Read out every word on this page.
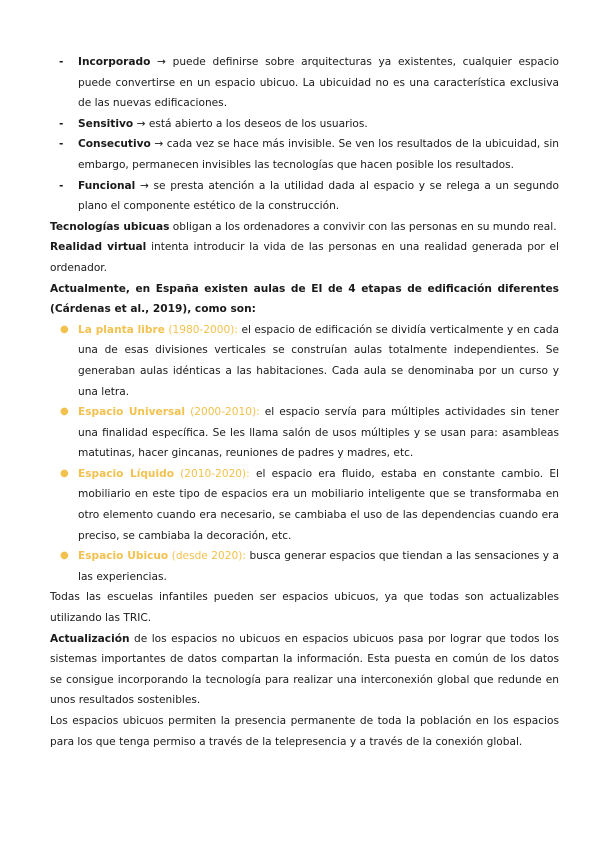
- Incorporado → puede definirse sobre arquitecturas ya existentes, cualquier espacio puede convertirse en un espacio ubicuo. La ubicuidad no es una característica exclusiva de las nuevas edificaciones.
- Sensitivo → está abierto a los deseos de los usuarios.
- Consecutivo → cada vez se hace más invisible. Se ven los resultados de la ubicuidad, sin embargo, permanecen invisibles las tecnologías que hacen posible los resultados.
- Funcional → se presta atención a la utilidad dada al espacio y se relega a un segundo plano el componente estético de la construcción.

Tecnologías ubicuas obligan a los ordenadores a convivir con las personas en su mundo real.

Realidad virtual intenta introducir la vida de las personas en una realidad generada por el ordenador.

Actualmente, en España existen aulas de EI de 4 etapas de edificación diferentes (Cárdenas et al., 2019), como son:

● La planta libre (1980-2000): el espacio de edificación se dividía verticalmente y en cada una de esas divisiones verticales se construían aulas totalmente independientes. Se generaban aulas idénticas a las habitaciones. Cada aula se denominaba por un curso y una letra.
● Espacio Universal (2000-2010): el espacio servía para múltiples actividades sin tener una finalidad específica. Se les llama salón de usos múltiples y se usan para: asambleas matutinas, hacer gincanas, reuniones de padres y madres, etc.
● Espacio Líquido (2010-2020): el espacio era fluido, estaba en constante cambio. El mobiliario en este tipo de espacios era un mobiliario inteligente que se transformaba en otro elemento cuando era necesario, se cambiaba el uso de las dependencias cuando era preciso, se cambiaba la decoración, etc.
● Espacio Ubicuo (desde 2020): busca generar espacios que tiendan a las sensaciones y a las experiencias.

Todas las escuelas infantiles pueden ser espacios ubicuos, ya que todas son actualizables utilizando las TRIC.

Actualización de los espacios no ubicuos en espacios ubicuos pasa por lograr que todos los sistemas importantes de datos compartan la información. Esta puesta en común de los datos se consigue incorporando la tecnología para realizar una interconexión global que redunde en unos resultados sostenibles.

Los espacios ubicuos permiten la presencia permanente de toda la población en los espacios para los que tenga permiso a través de la telepresencia y a través de la conexión global.
